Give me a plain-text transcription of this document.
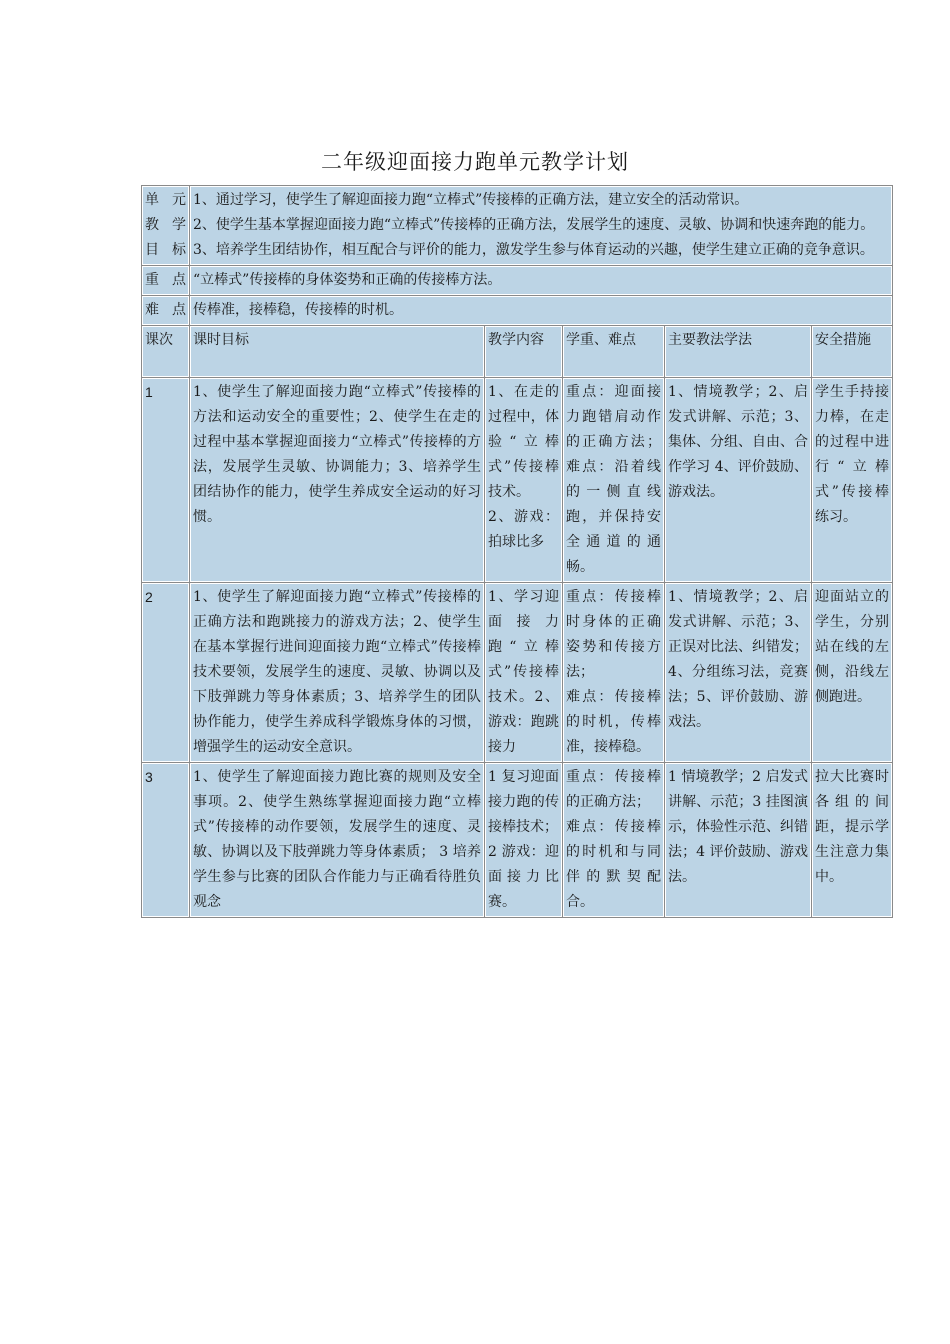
二年级迎面接力跑单元教学计划
单元教学目标	1、通过学习，使学生了解迎面接力跑“立棒式”传接棒的正确方法，建立安全的活动常识。
2、使学生基本掌握迎面接力跑“立棒式”传接棒的正确方法，发展学生的速度、灵敏、协调和快速奔跑的能力。
3、培养学生团结协作，相互配合与评价的能力，激发学生参与体育运动的兴趣，使学生建立正确的竞争意识。				

重点	“立棒式”传接棒的身体姿势和正确的传接棒方法。				
难点	传棒准，接棒稳，传接棒的时机。				
课次	课时目标	教学内容	学重、难点	主要教法学法	安全措施
1	1、使学生了解迎面接力跑“立棒式”传接棒的方法和运动安全的重要性；2、使学生在走的过程中基本掌握迎面接力“立棒式”传接棒的方法，发展学生灵敏、协调能力；3、培养学生团结协作的能力，使学生养成安全运动的好习惯。	1、在走的过程中，体验“立棒式”传接棒技术。
2、游戏：拍球比多	重点：迎面接力跑错肩动作的正确方法；难点：沿着线的一侧直线跑，并保持安全通道的通畅。	1、情境教学；2、启发式讲解、示范；3、集体、分组、自由、合作学习 4、评价鼓励、游戏法。	学生手持接力棒，在走的过程中进行“立棒式”传接棒练习。
2	1、使学生了解迎面接力跑“立棒式”传接棒的正确方法和跑跳接力的游戏方法；2、使学生在基本掌握行进间迎面接力跑“立棒式”传接棒技术要领，发展学生的速度、灵敏、协调以及下肢弹跳力等身体素质；3、培养学生的团队协作能力，使学生养成科学锻炼身体的习惯，增强学生的运动安全意识。	1、学习迎面接力跑“立棒式”传接棒技术。2、游戏：跑跳接力	重点：传接棒时身体的正确姿势和传接方法；
难点：传接棒的时机，传棒准，接棒稳。	1、情境教学；2、启发式讲解、示范；3、正误对比法、纠错发；4、分组练习法，竞赛法；5、评价鼓励、游戏法。	迎面站立的学生，分别站在线的左侧，沿线左侧跑进。
3	1、使学生了解迎面接力跑比赛的规则及安全事项。2、使学生熟练掌握迎面接力跑“立棒式”传接棒的动作要领，发展学生的速度、灵敏、协调以及下肢弹跳力等身体素质； 3 培养学生参与比赛的团队合作能力与正确看待胜负观念	1 复习迎面接力跑的传接棒技术；
2 游戏：迎面接力比赛。	重点：传接棒的正确方法；
难点：传接棒的时机和与同伴的默契配合。	1 情境教学；2 启发式讲解、示范；3 挂图演示，体验性示范、纠错法；4 评价鼓励、游戏法。	拉大比赛时各组的间距，提示学生注意力集中。
